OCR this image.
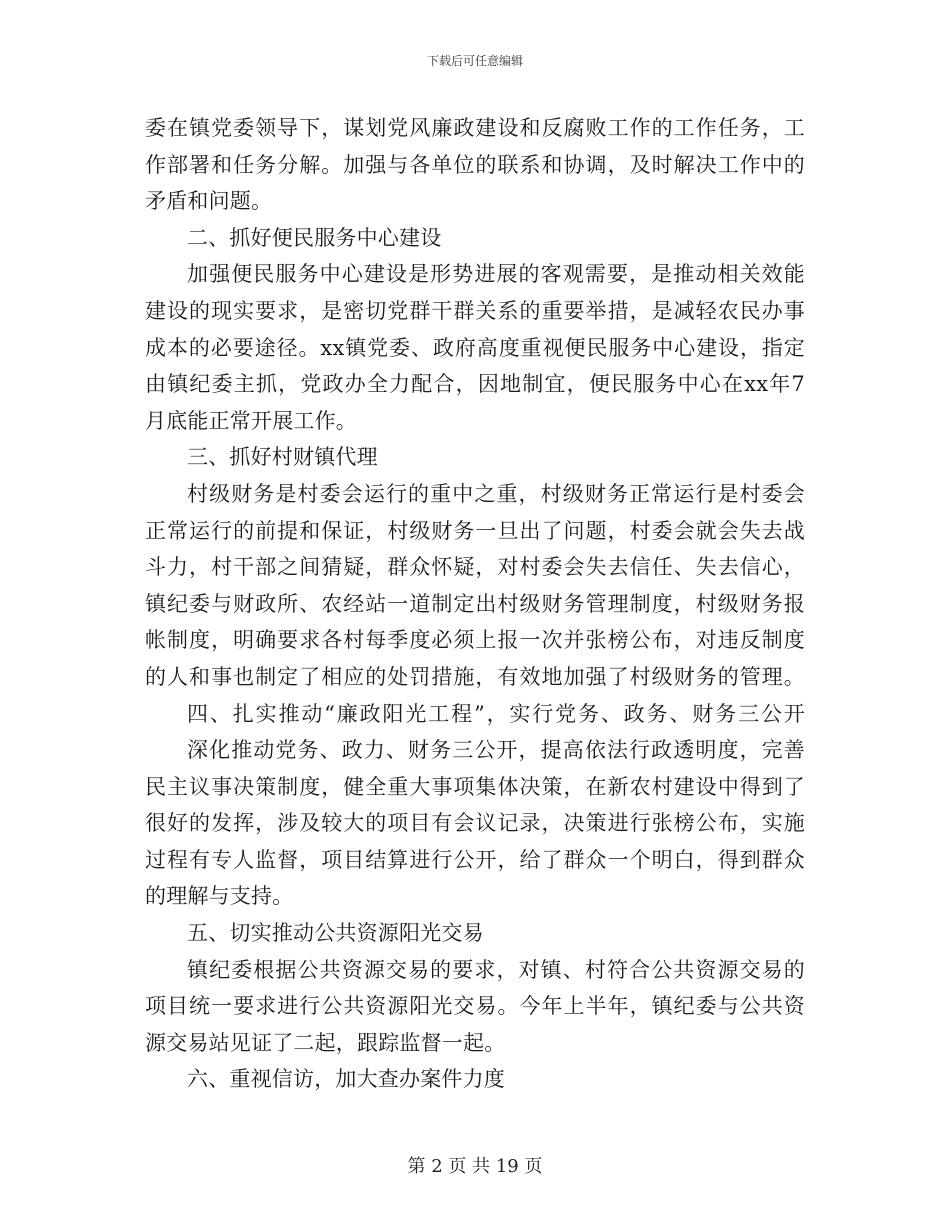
下载后可任意编辑
委在镇党委领导下，谋划党风廉政建设和反腐败工作的工作任务，工
作部署和任务分解。加强与各单位的联系和协调，及时解决工作中的
矛盾和问题。
二、抓好便民服务中心建设
加强便民服务中心建设是形势进展的客观需要，是推动相关效能
建设的现实要求，是密切党群干群关系的重要举措，是减轻农民办事
成本的必要途径。xx镇党委、政府高度重视便民服务中心建设，指定
由镇纪委主抓，党政办全力配合，因地制宜，便民服务中心在xx年7
月底能正常开展工作。
三、抓好村财镇代理
村级财务是村委会运行的重中之重，村级财务正常运行是村委会
正常运行的前提和保证，村级财务一旦出了问题，村委会就会失去战
斗力，村干部之间猜疑，群众怀疑，对村委会失去信任、失去信心，
镇纪委与财政所、农经站一道制定出村级财务管理制度，村级财务报
帐制度，明确要求各村每季度必须上报一次并张榜公布，对违反制度
的人和事也制定了相应的处罚措施，有效地加强了村级财务的管理。
四、扎实推动“廉政阳光工程”，实行党务、政务、财务三公开
深化推动党务、政力、财务三公开，提高依法行政透明度，完善
民主议事决策制度，健全重大事项集体决策，在新农村建设中得到了
很好的发挥，涉及较大的项目有会议记录，决策进行张榜公布，实施
过程有专人监督，项目结算进行公开，给了群众一个明白，得到群众
的理解与支持。
五、切实推动公共资源阳光交易
镇纪委根据公共资源交易的要求，对镇、村符合公共资源交易的
项目统一要求进行公共资源阳光交易。今年上半年，镇纪委与公共资
源交易站见证了二起，跟踪监督一起。
六、重视信访，加大查办案件力度
第 2 页 共 19 页
